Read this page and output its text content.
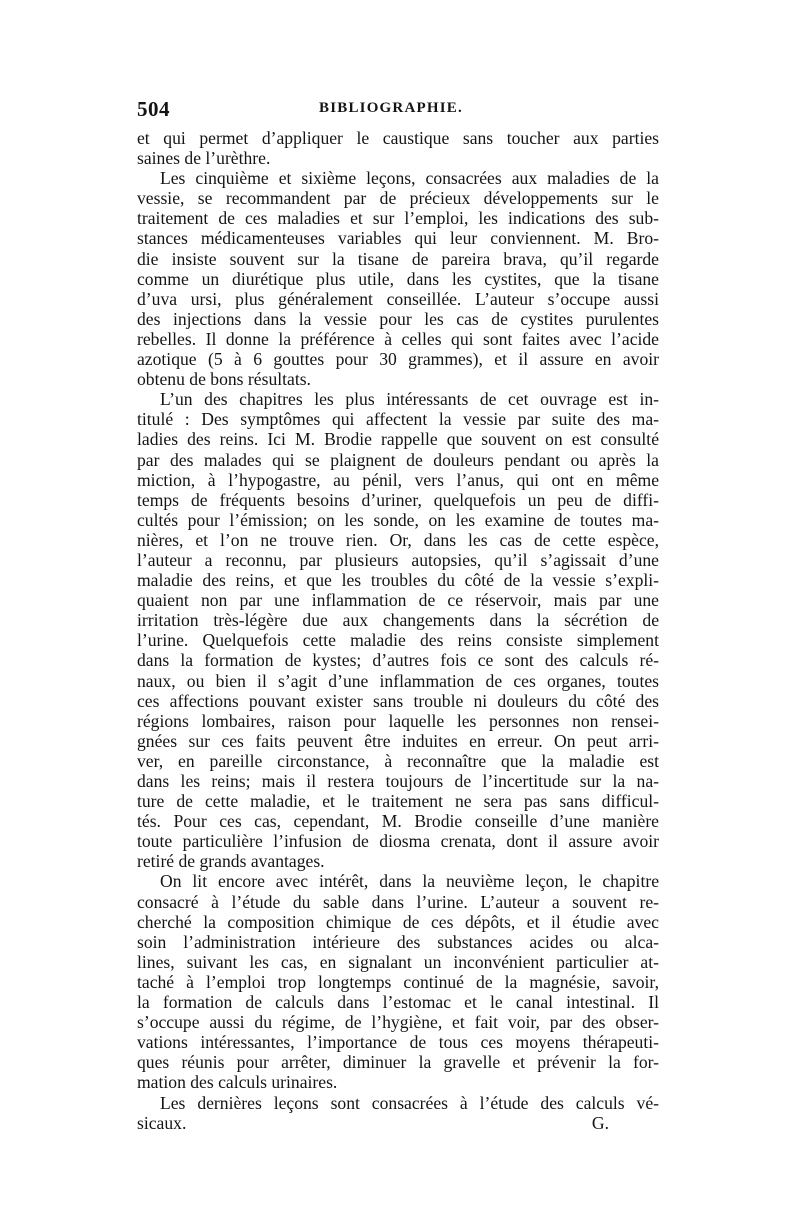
504	BIBLIOGRAPHIE.
et qui permet d’appliquer le caustique sans toucher aux parties
saines de l’urèthre.
Les cinquième et sixième leçons, consacrées aux maladies de la
vessie, se recommandent par de précieux développements sur le
traitement de ces maladies et sur l’emploi, les indications des sub-
stances médicamenteuses variables qui leur conviennent. M. Bro-
die insiste souvent sur la tisane de pareira brava, qu’il regarde
comme un diurétique plus utile, dans les cystites, que la tisane
d’uva ursi, plus généralement conseillée. L’auteur s’occupe aussi
des injections dans la vessie pour les cas de cystites purulentes
rebelles. Il donne la préférence à celles qui sont faites avec l’acide
azotique (5 à 6 gouttes pour 30 grammes), et il assure en avoir
obtenu de bons résultats.
L’un des chapitres les plus intéressants de cet ouvrage est in-
titulé : Des symptômes qui affectent la vessie par suite des ma-
ladies des reins. Ici M. Brodie rappelle que souvent on est consulté
par des malades qui se plaignent de douleurs pendant ou après la
miction, à l’hypogastre, au pénil, vers l’anus, qui ont en même
temps de fréquents besoins d’uriner, quelquefois un peu de diffi-
cultés pour l’émission; on les sonde, on les examine de toutes ma-
nières, et l’on ne trouve rien. Or, dans les cas de cette espèce,
l’auteur a reconnu, par plusieurs autopsies, qu’il s’agissait d’une
maladie des reins, et que les troubles du côté de la vessie s’expli-
quaient non par une inflammation de ce réservoir, mais par une
irritation très-légère due aux changements dans la sécrétion de
l’urine. Quelquefois cette maladie des reins consiste simplement
dans la formation de kystes; d’autres fois ce sont des calculs ré-
naux, ou bien il s’agit d’une inflammation de ces organes, toutes
ces affections pouvant exister sans trouble ni douleurs du côté des
régions lombaires, raison pour laquelle les personnes non rensei-
gnées sur ces faits peuvent être induites en erreur. On peut arri-
ver, en pareille circonstance, à reconnaître que la maladie est
dans les reins; mais il restera toujours de l’incertitude sur la na-
ture de cette maladie, et le traitement ne sera pas sans difficul-
tés. Pour ces cas, cependant, M. Brodie conseille d’une manière
toute particulière l’infusion de diosma crenata, dont il assure avoir
retiré de grands avantages.
On lit encore avec intérêt, dans la neuvième leçon, le chapitre
consacré à l’étude du sable dans l’urine. L’auteur a souvent re-
cherché la composition chimique de ces dépôts, et il étudie avec
soin l’administration intérieure des substances acides ou alca-
lines, suivant les cas, en signalant un inconvénient particulier at-
taché à l’emploi trop longtemps continué de la magnésie, savoir,
la formation de calculs dans l’estomac et le canal intestinal. Il
s’occupe aussi du régime, de l’hygiène, et fait voir, par des obser-
vations intéressantes, l’importance de tous ces moyens thérapeuti-
ques réunis pour arrêter, diminuer la gravelle et prévenir la for-
mation des calculs urinaires.
Les dernières leçons sont consacrées à l’étude des calculs vé-
sicaux.	G.
